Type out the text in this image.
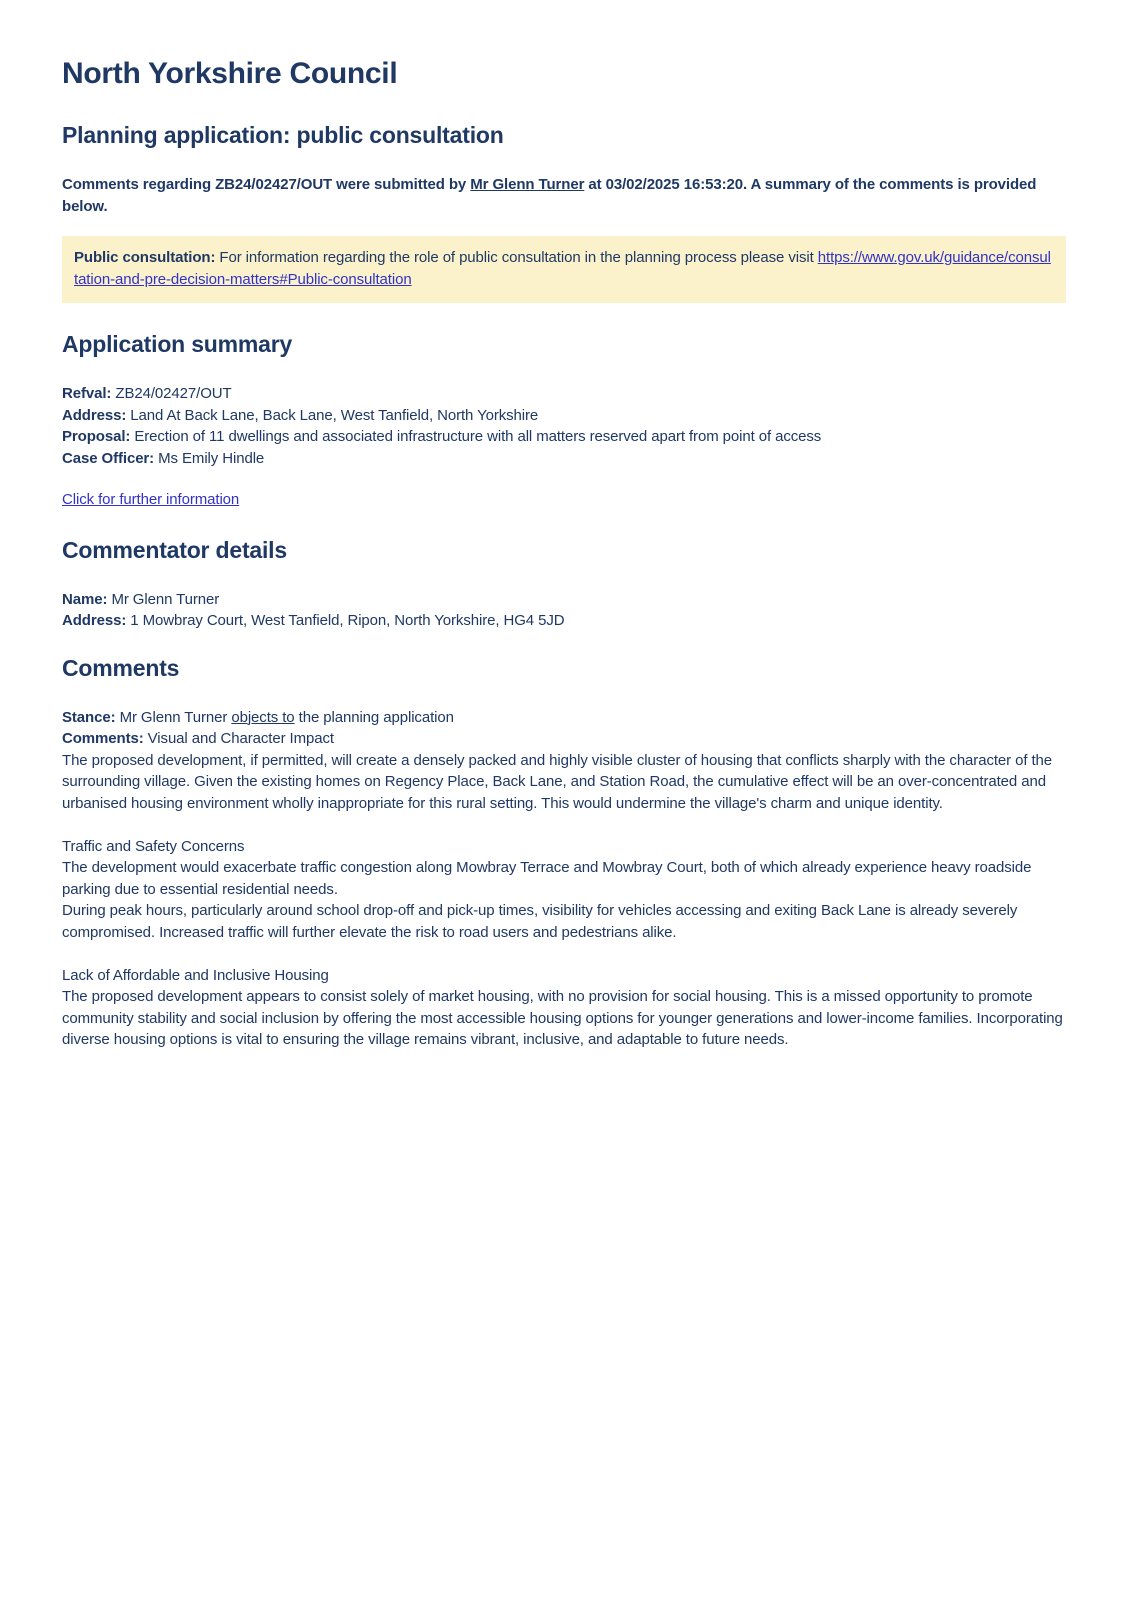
North Yorkshire Council
Planning application: public consultation

Comments regarding ZB24/02427/OUT were submitted by Mr Glenn Turner at 03/02/2025 16:53:20. A summary of the comments is provided below.

Public consultation: For information regarding the role of public consultation in the planning process please visit https://www.gov.uk/guidance/consultation-and-pre-decision-matters#Public-consultation
Application summary

Refval: ZB24/02427/OUT

Address: Land At Back Lane, Back Lane, West Tanfield, North Yorkshire

Proposal: Erection of 11 dwellings and associated infrastructure with all matters reserved apart from point of access

Case Officer: Ms Emily Hindle

Click for further information

Commentator details

Name: Mr Glenn Turner

Address: 1 Mowbray Court, West Tanfield, Ripon, North Yorkshire, HG4 5JD

Comments

Stance: Mr Glenn Turner objects to the planning application

Comments: Visual and Character Impact

The proposed development, if permitted, will create a densely packed and highly visible cluster of housing that conflicts sharply with the character of the surrounding village. Given the existing homes on Regency Place, Back Lane, and Station Road, the cumulative effect will be an over-concentrated and urbanised housing environment wholly inappropriate for this rural setting. This would undermine the village's charm and unique identity.

Traffic and Safety Concerns

The development would exacerbate traffic congestion along Mowbray Terrace and Mowbray Court, both of which already experience heavy roadside parking due to essential residential needs.

During peak hours, particularly around school drop-off and pick-up times, visibility for vehicles accessing and exiting Back Lane is already severely compromised. Increased traffic will further elevate the risk to road users and pedestrians alike.

Lack of Affordable and Inclusive Housing

The proposed development appears to consist solely of market housing, with no provision for social housing. This is a missed opportunity to promote community stability and social inclusion by offering the most accessible housing options for younger generations and lower-income families. Incorporating diverse housing options is vital to ensuring the village remains vibrant, inclusive, and adaptable to future needs.
